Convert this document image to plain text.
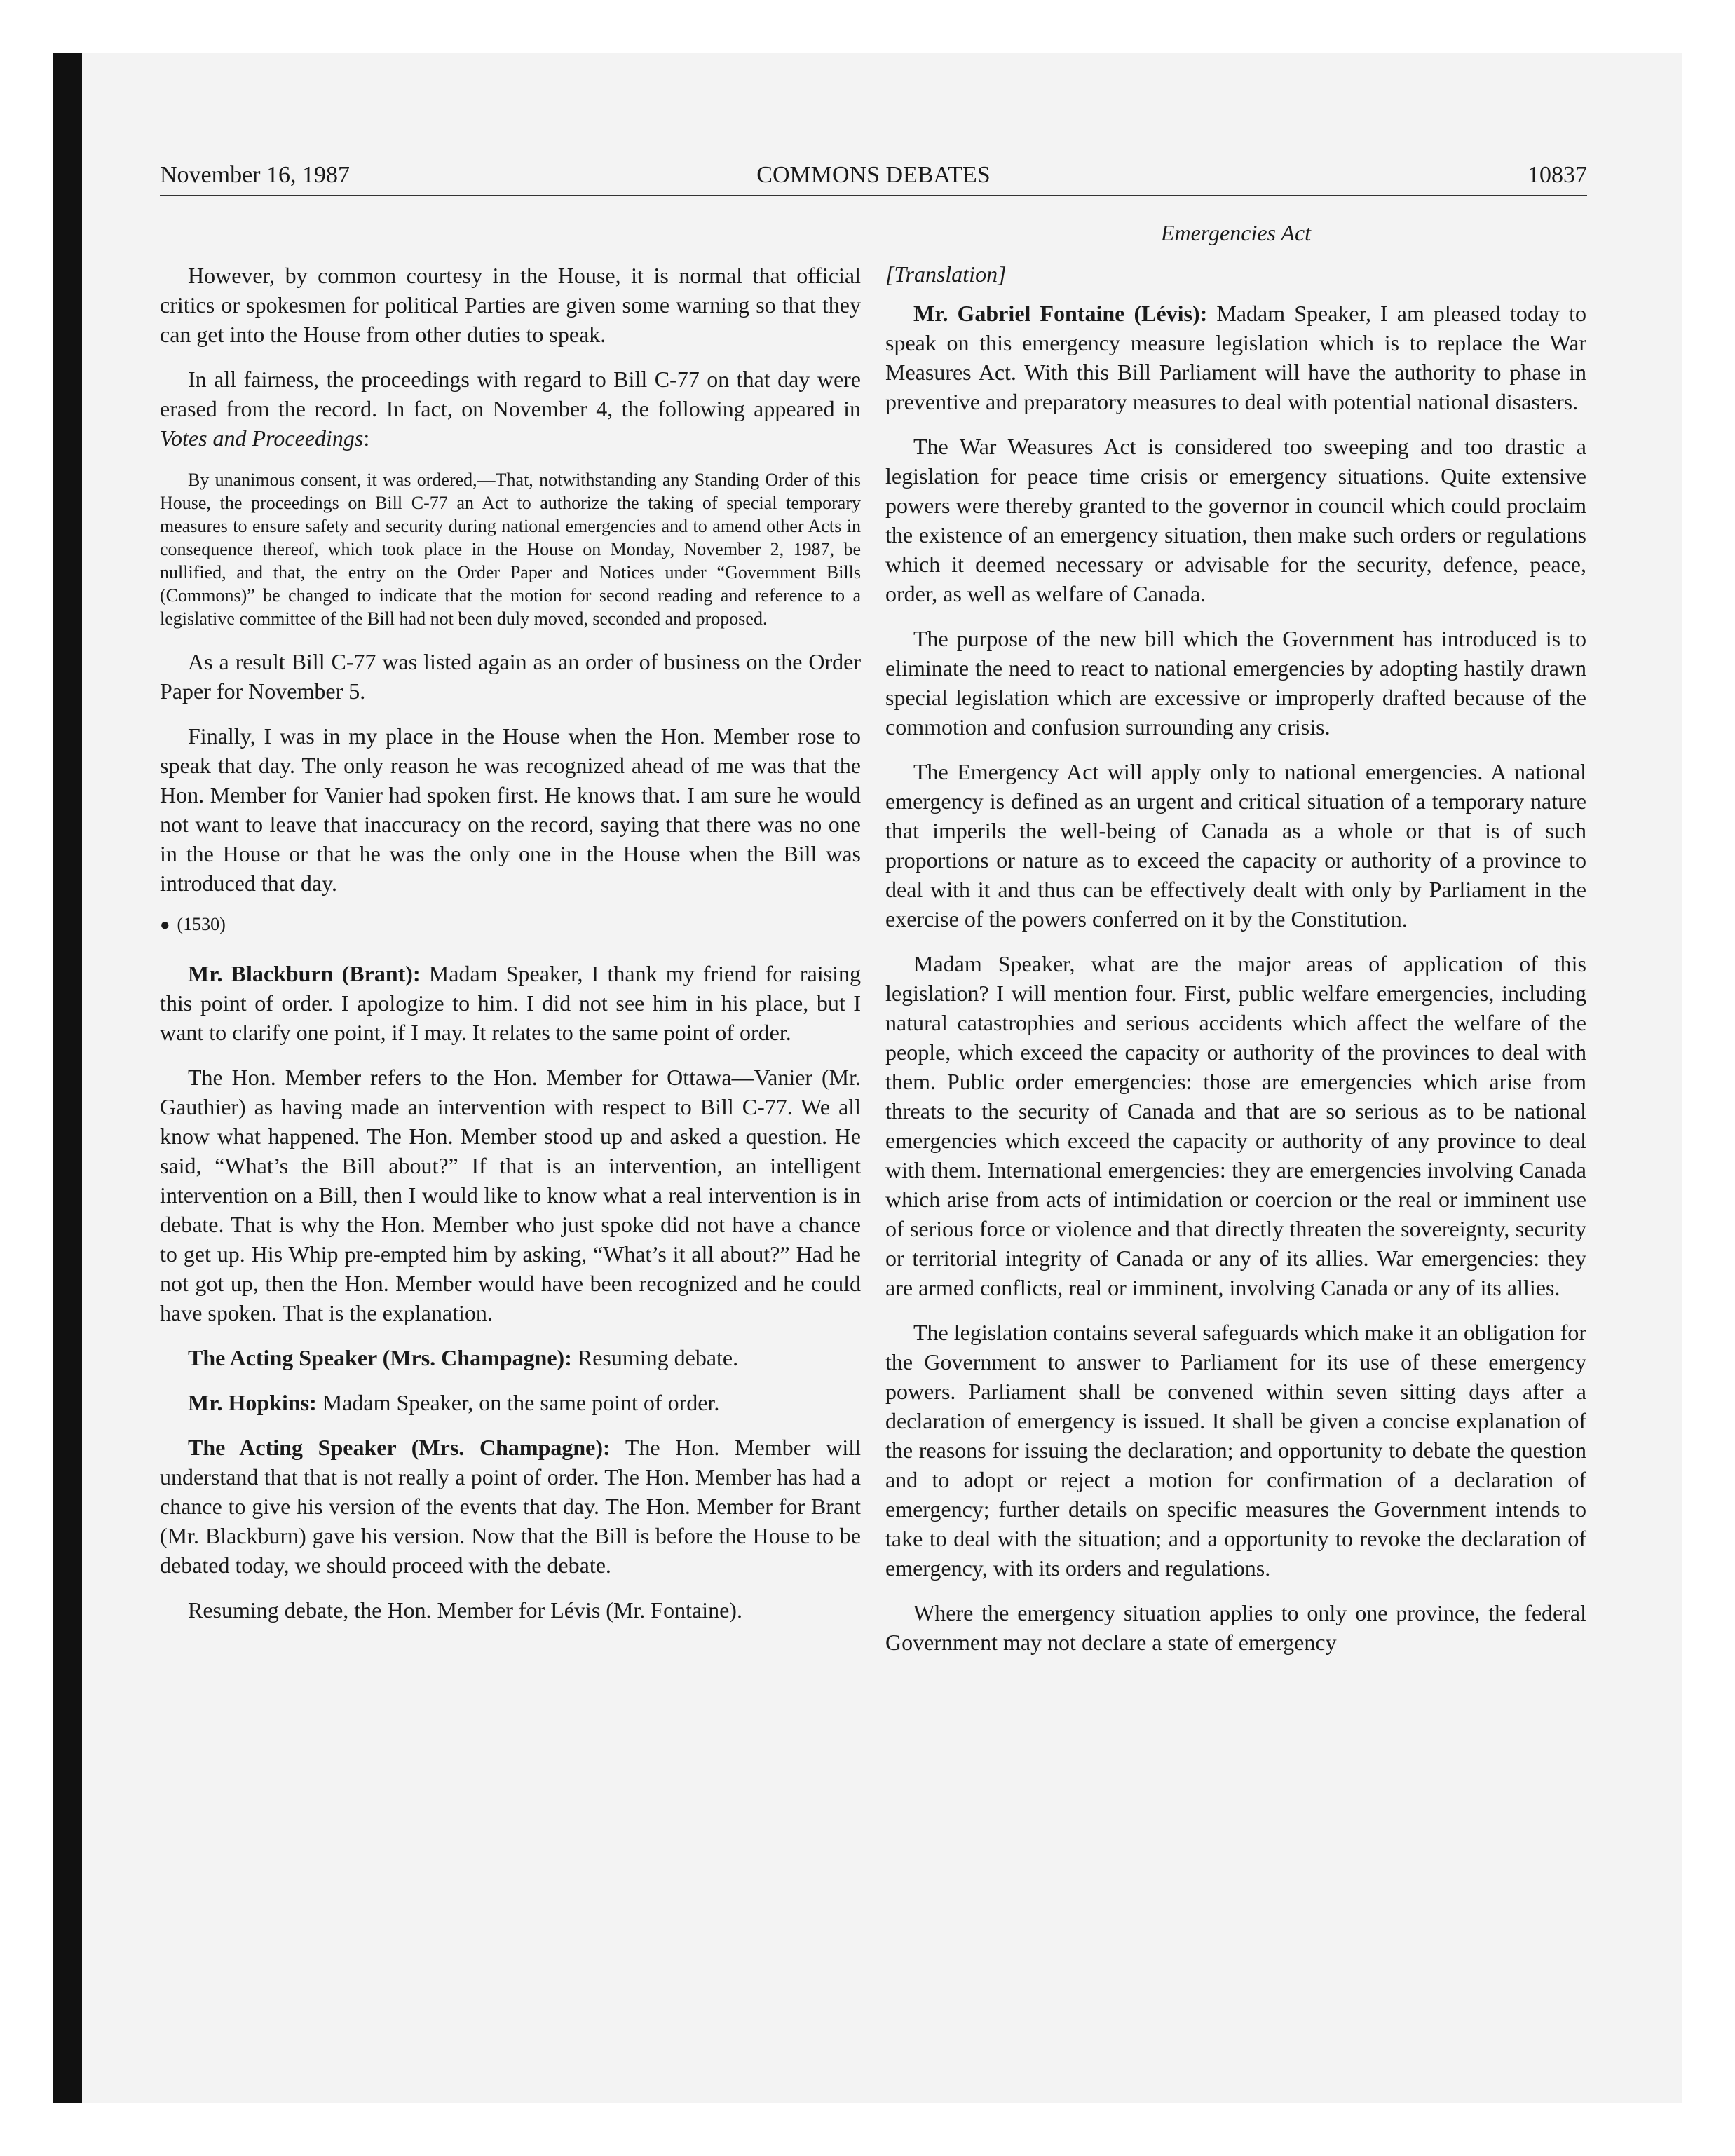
November 16, 1987	COMMONS DEBATES	10837

However, by common courtesy in the House, it is normal that official critics or spokesmen for political Parties are given some warning so that they can get into the House from other duties to speak.

In all fairness, the proceedings with regard to Bill C-77 on that day were erased from the record. In fact, on November 4, the following appeared in Votes and Proceedings:

By unanimous consent, it was ordered,—That, notwithstanding any Standing Order of this House, the proceedings on Bill C-77 an Act to authorize the taking of special temporary measures to ensure safety and security during national emergencies and to amend other Acts in consequence thereof, which took place in the House on Monday, November 2, 1987, be nullified, and that, the entry on the Order Paper and Notices under “Government Bills (Commons)” be changed to indicate that the motion for second reading and reference to a legislative committee of the Bill had not been duly moved, seconded and proposed.

As a result Bill C-77 was listed again as an order of business on the Order Paper for November 5.

Finally, I was in my place in the House when the Hon. Member rose to speak that day. The only reason he was recognized ahead of me was that the Hon. Member for Vanier had spoken first. He knows that. I am sure he would not want to leave that inaccuracy on the record, saying that there was no one in the House or that he was the only one in the House when the Bill was introduced that day.

● (1530)

Mr. Blackburn (Brant): Madam Speaker, I thank my friend for raising this point of order. I apologize to him. I did not see him in his place, but I want to clarify one point, if I may. It relates to the same point of order.

The Hon. Member refers to the Hon. Member for Ottawa—Vanier (Mr. Gauthier) as having made an intervention with respect to Bill C-77. We all know what happened. The Hon. Member stood up and asked a question. He said, “What’s the Bill about?” If that is an intervention, an intelligent intervention on a Bill, then I would like to know what a real intervention is in debate. That is why the Hon. Member who just spoke did not have a chance to get up. His Whip pre-empted him by asking, “What’s it all about?” Had he not got up, then the Hon. Member would have been recognized and he could have spoken. That is the explanation.

The Acting Speaker (Mrs. Champagne): Resuming debate.

Mr. Hopkins: Madam Speaker, on the same point of order.

The Acting Speaker (Mrs. Champagne): The Hon. Member will understand that that is not really a point of order. The Hon. Member has had a chance to give his version of the events that day. The Hon. Member for Brant (Mr. Blackburn) gave his version. Now that the Bill is before the House to be debated today, we should proceed with the debate.

Resuming debate, the Hon. Member for Lévis (Mr. Fontaine).

Emergencies Act
[Translation]

Mr. Gabriel Fontaine (Lévis): Madam Speaker, I am pleased today to speak on this emergency measure legislation which is to replace the War Measures Act. With this Bill Parliament will have the authority to phase in preventive and preparatory measures to deal with potential national disasters.

The War Weasures Act is considered too sweeping and too drastic a legislation for peace time crisis or emergency situations. Quite extensive powers were thereby granted to the governor in council which could proclaim the existence of an emergency situation, then make such orders or regulations which it deemed necessary or advisable for the security, defence, peace, order, as well as welfare of Canada.

The purpose of the new bill which the Government has introduced is to eliminate the need to react to national emergencies by adopting hastily drawn special legislation which are excessive or improperly drafted because of the commotion and confusion surrounding any crisis.

The Emergency Act will apply only to national emergencies. A national emergency is defined as an urgent and critical situation of a temporary nature that imperils the well-being of Canada as a whole or that is of such proportions or nature as to exceed the capacity or authority of a province to deal with it and thus can be effectively dealt with only by Parliament in the exercise of the powers conferred on it by the Constitution.

Madam Speaker, what are the major areas of application of this legislation? I will mention four. First, public welfare emergencies, including natural catastrophies and serious accidents which affect the welfare of the people, which exceed the capacity or authority of the provinces to deal with them. Public order emergencies: those are emergencies which arise from threats to the security of Canada and that are so serious as to be national emergencies which exceed the capacity or authority of any province to deal with them. International emergencies: they are emergencies involving Canada which arise from acts of intimidation or coercion or the real or imminent use of serious force or violence and that directly threaten the sovereignty, security or territorial integrity of Canada or any of its allies. War emergencies: they are armed conflicts, real or imminent, involving Canada or any of its allies.

The legislation contains several safeguards which make it an obligation for the Government to answer to Parliament for its use of these emergency powers. Parliament shall be convened within seven sitting days after a declaration of emergency is issued. It shall be given a concise explanation of the reasons for issuing the declaration; and opportunity to debate the question and to adopt or reject a motion for confirmation of a declaration of emergency; further details on specific measures the Government intends to take to deal with the situation; and a opportunity to revoke the declaration of emergency, with its orders and regulations.

Where the emergency situation applies to only one province, the federal Government may not declare a state of emergency
